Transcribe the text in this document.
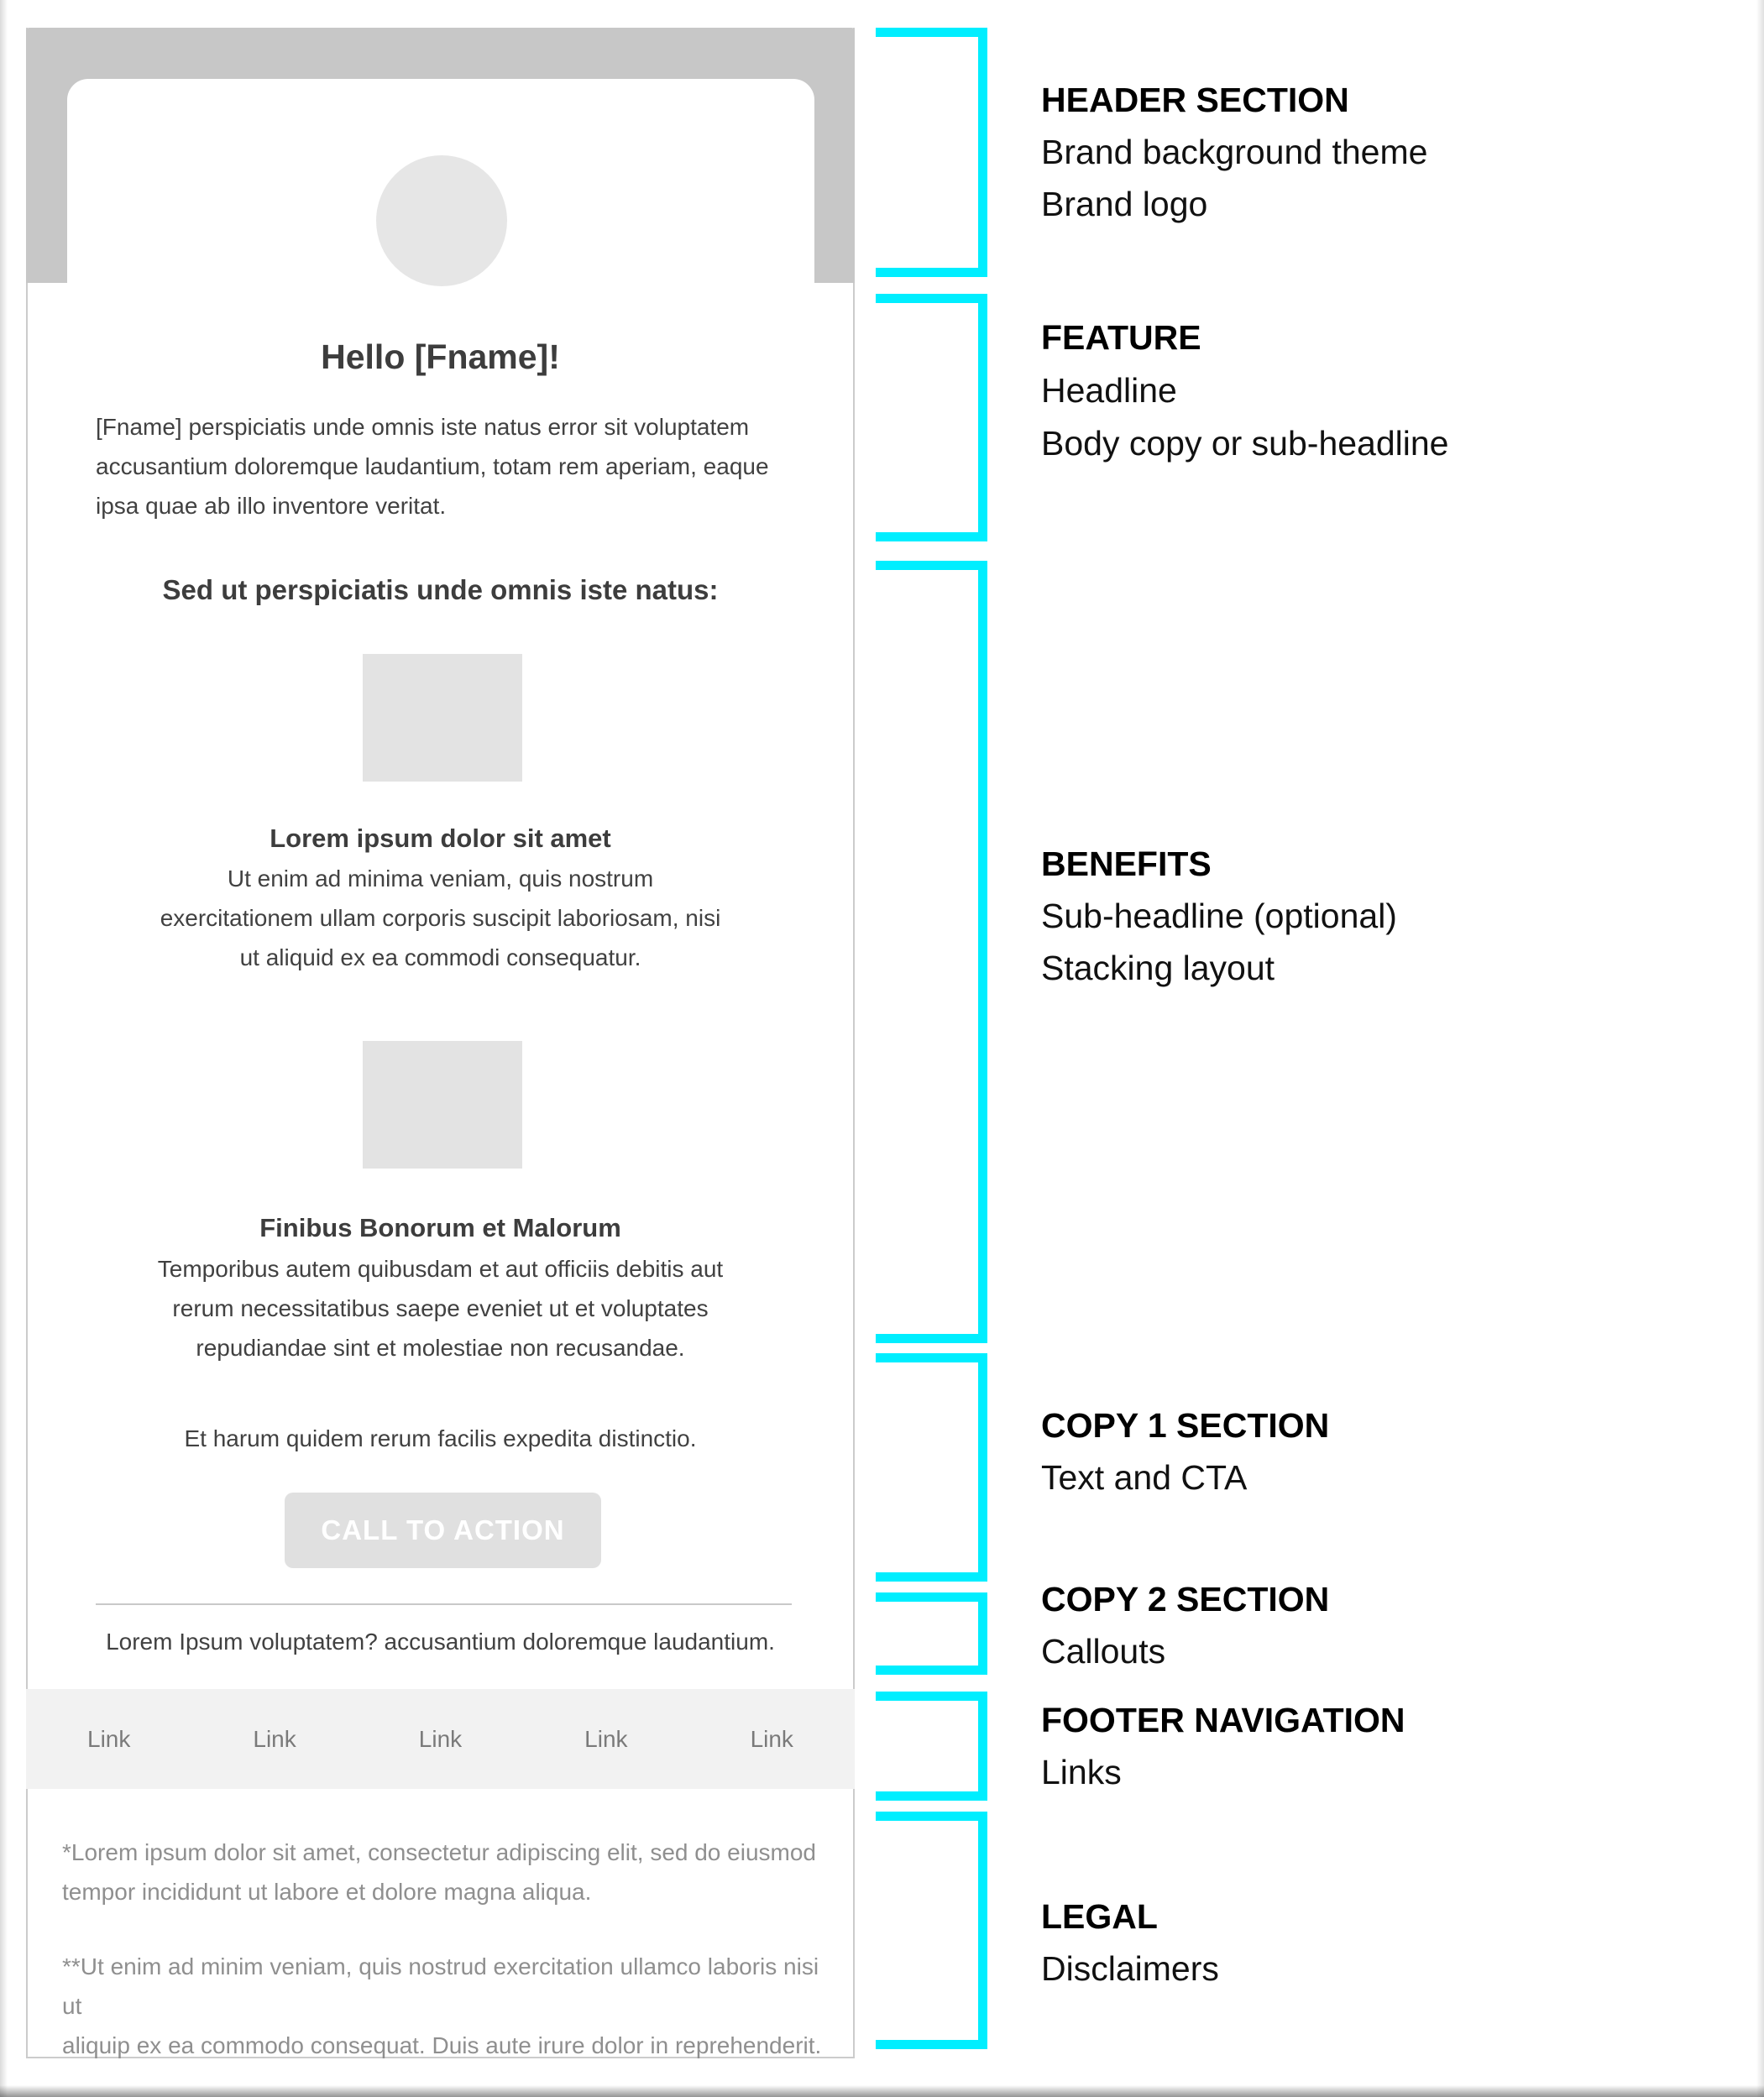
Hello [Fname]!
[Fname] perspiciatis unde omnis iste natus error sit voluptatem
accusantium doloremque laudantium, totam rem aperiam, eaque
ipsa quae ab illo inventore veritat.
Sed ut perspiciatis unde omnis iste natus:
Lorem ipsum dolor sit amet
Ut enim ad minima veniam, quis nostrum
exercitationem ullam corporis suscipit laboriosam, nisi
ut aliquid ex ea commodi consequatur.
Finibus Bonorum et Malorum
Temporibus autem quibusdam et aut officiis debitis aut
rerum necessitatibus saepe eveniet ut et voluptates
repudiandae sint et molestiae non recusandae.
Et harum quidem rerum facilis expedita distinctio.
CALL TO ACTION
Lorem Ipsum voluptatem? accusantium doloremque laudantium.
Link	Link	Link	Link	Link
*Lorem ipsum dolor sit amet, consectetur adipiscing elit, sed do eiusmod
tempor incididunt ut labore et dolore magna aliqua.
**Ut enim ad minim veniam, quis nostrud exercitation ullamco laboris nisi ut
aliquip ex ea commodo consequat. Duis aute irure dolor in reprehenderit.
HEADER SECTION
Brand background theme
Brand logo
FEATURE
Headline
Body copy or sub-headline
BENEFITS
Sub-headline (optional)
Stacking layout
COPY 1 SECTION
Text and CTA
COPY 2 SECTION
Callouts
FOOTER NAVIGATION
Links
LEGAL
Disclaimers
